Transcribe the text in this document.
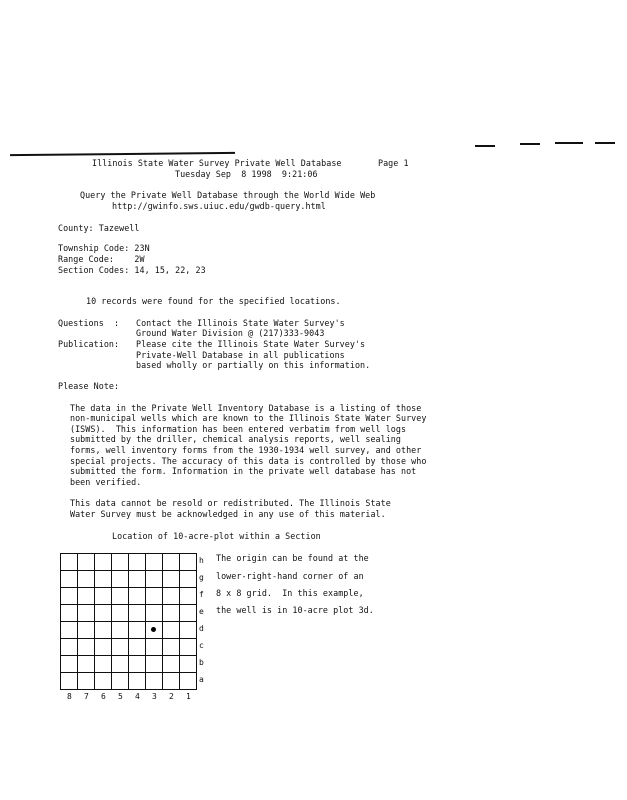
Illinois State Water Survey Private Well Database	Page 1
Tuesday Sep  8 1998  9:21:06
Query the Private Well Database through the World Wide Web
http://gwinfo.sws.uiuc.edu/gwdb-query.html
County: Tazewell
Township Code: 23N
Range Code:    2W
Section Codes: 14, 15, 22, 23
10 records were found for the specified locations.
Questions  : Contact the Illinois State Water Survey's
Ground Water Division @ (217)333-9043
Publication: Please cite the Illinois State Water Survey's
Private-Well Database in all publications
based wholly or partially on this information.
Please Note:
The data in the Private Well Inventory Database is a listing of those
non-municipal wells which are known to the Illinois State Water Survey
(ISWS).  This information has been entered verbatim from well logs
submitted by the driller, chemical analysis reports, well sealing
forms, well inventory forms from the 1930-1934 well survey, and other
special projects. The accuracy of this data is controlled by those who
submitted the form. Information in the private well database has not
been verified.
This data cannot be resold or redistributed. The Illinois State
Water Survey must be acknowledged in any use of this material.
Location of 10-acre-plot within a Section
h
g
f
e
d
c
b
a
8 7 6 5 4 3 2 1
The origin can be found at the
lower-right-hand corner of an
8 x 8 grid.  In this example,
the well is in 10-acre plot 3d.
